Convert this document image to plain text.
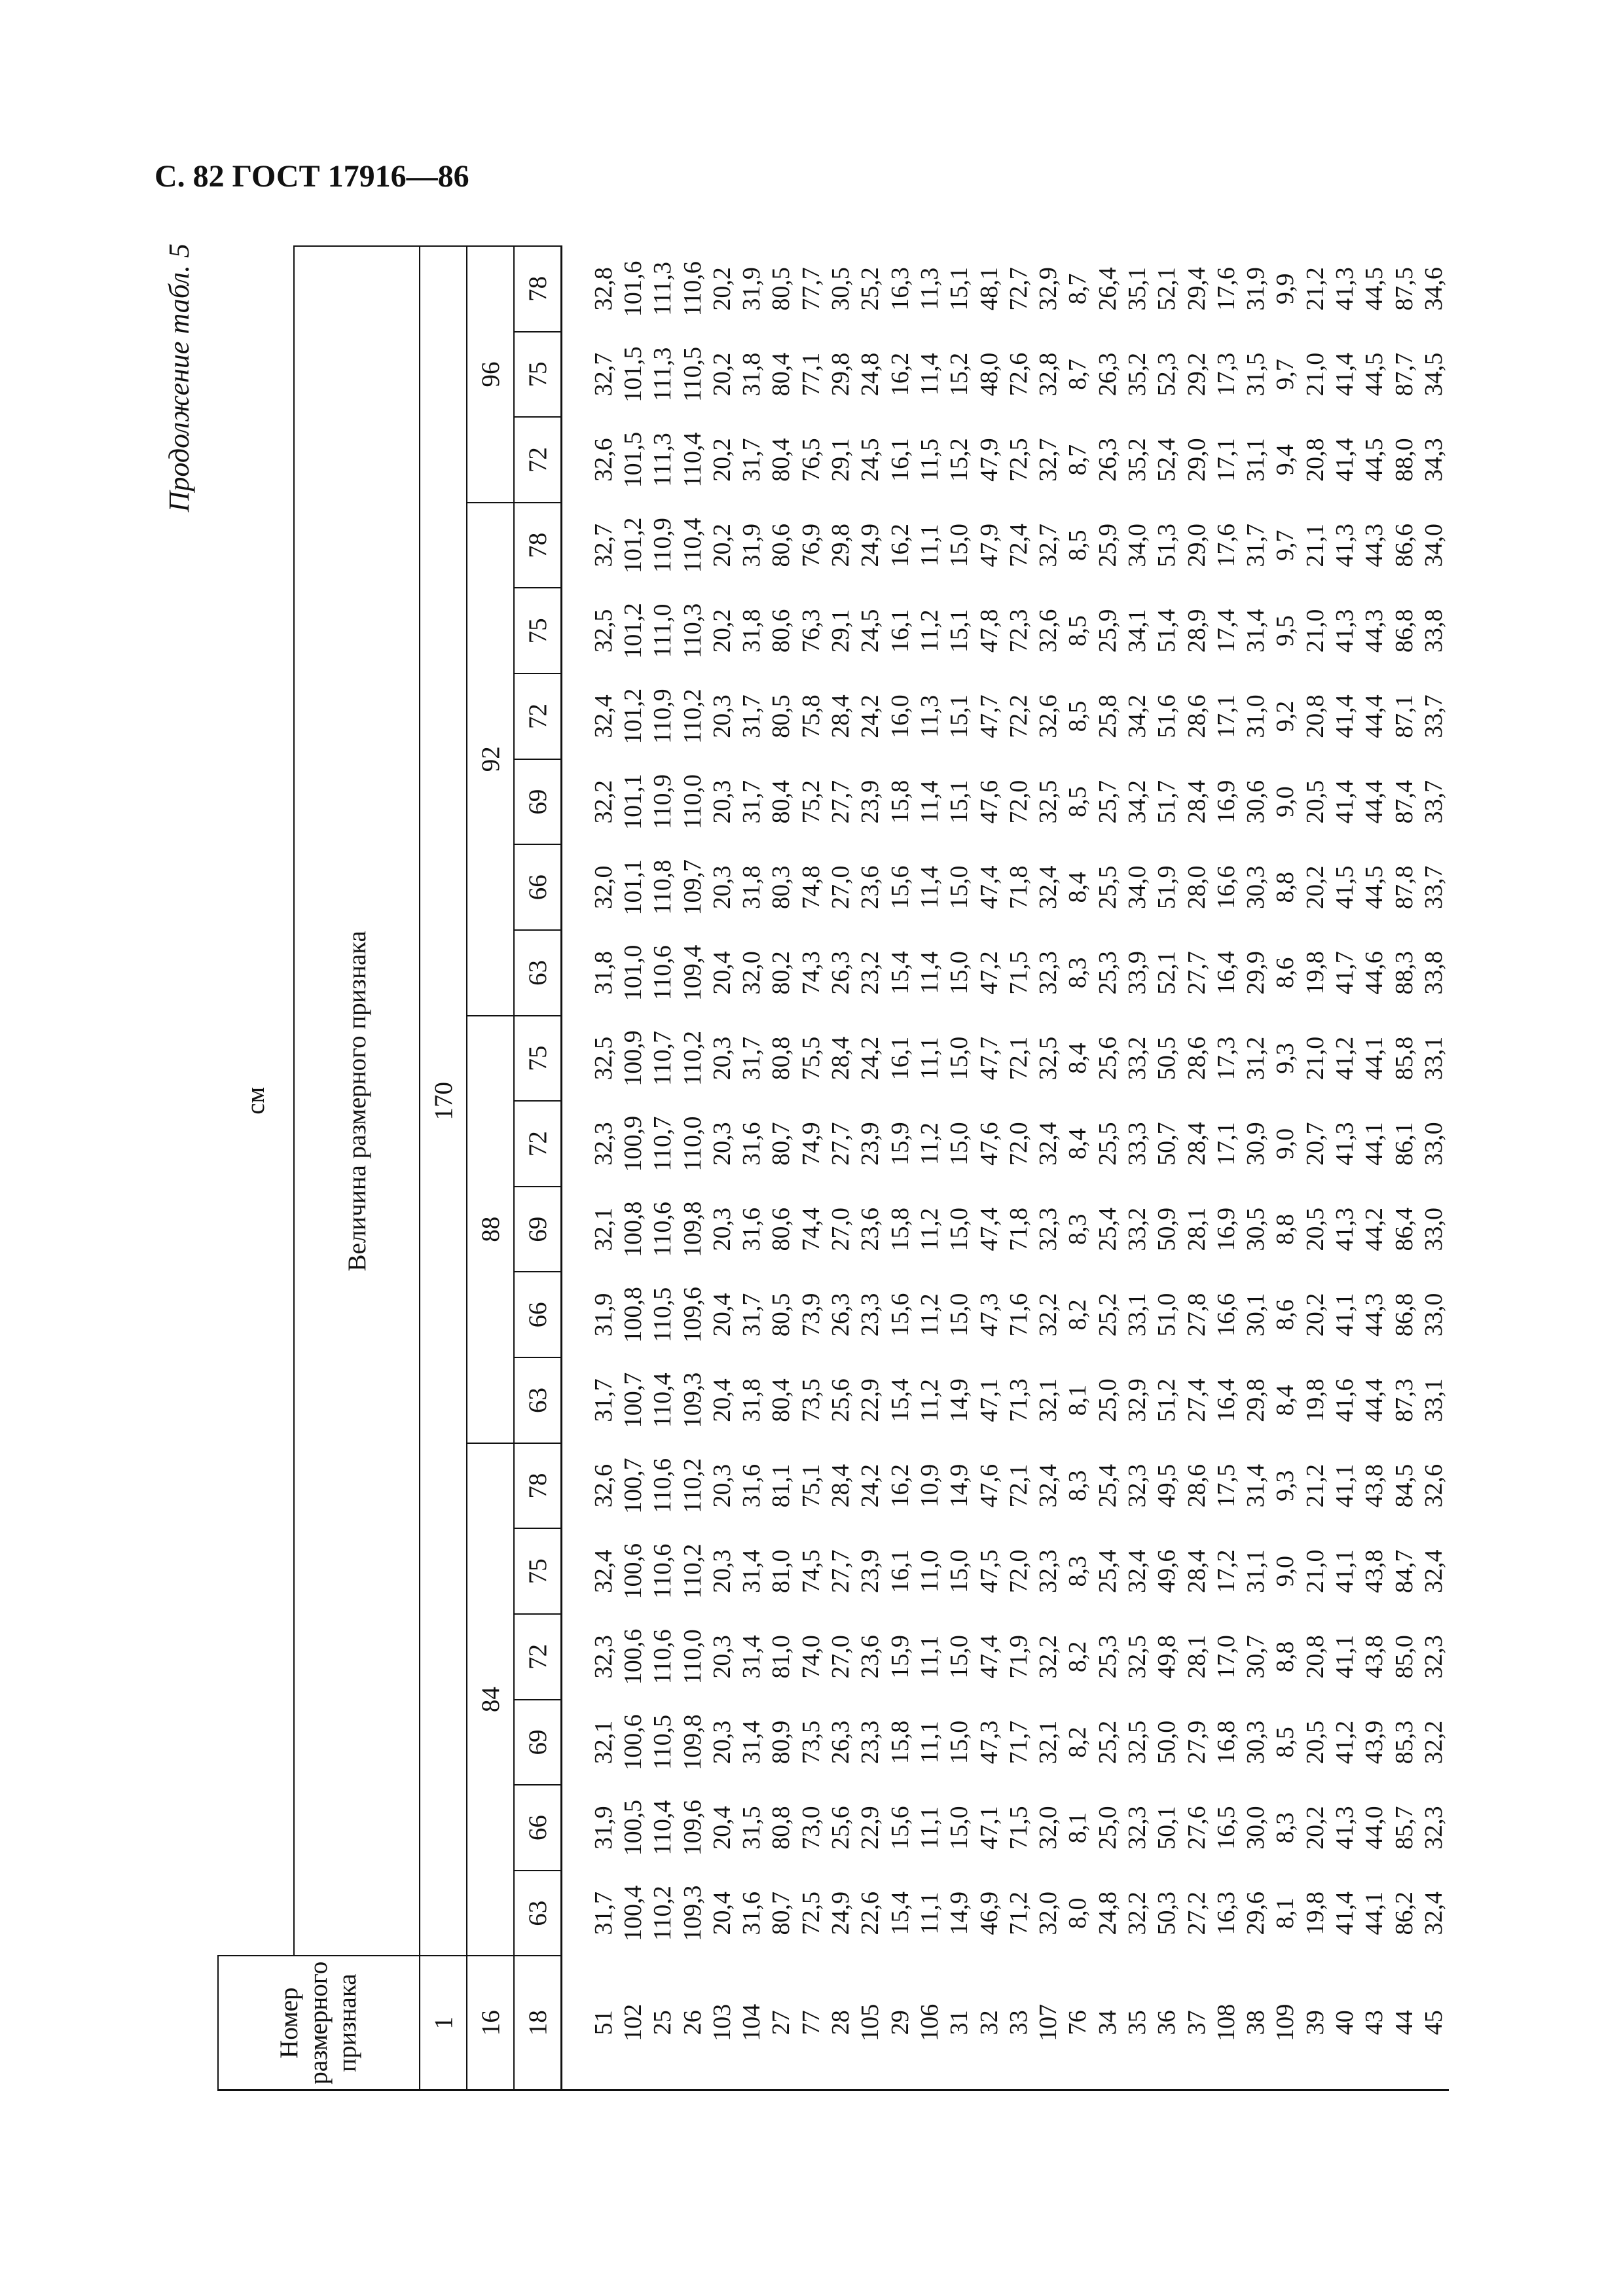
С. 82 ГОСТ 17916—86
Продолжение табл. 5
Номер размерного признака	см																			
	Величина размерного признака																			
1	170																			
16	84						88					92						96		
18	63	66	69	72	75	78	63	66	69	72	75	63	66	69	72	75	78	72	75	78
51	31,7	31,9	32,1	32,3	32,4	32,6	31,7	31,9	32,1	32,3	32,5	31,8	32,0	32,2	32,4	32,5	32,7	32,6	32,7	32,8
102	100,4	100,5	100,6	100,6	100,6	100,7	100,7	100,8	100,8	100,9	100,9	101,0	101,1	101,1	101,2	101,2	101,2	101,5	101,5	101,6
25	110,2	110,4	110,5	110,6	110,6	110,6	110,4	110,5	110,6	110,7	110,7	110,6	110,8	110,9	110,9	111,0	110,9	111,3	111,3	111,3
26	109,3	109,6	109,8	110,0	110,2	110,2	109,3	109,6	109,8	110,0	110,2	109,4	109,7	110,0	110,2	110,3	110,4	110,4	110,5	110,6
103	20,4	20,4	20,3	20,3	20,3	20,3	20,4	20,4	20,3	20,3	20,3	20,4	20,3	20,3	20,3	20,2	20,2	20,2	20,2	20,2
104	31,6	31,5	31,4	31,4	31,4	31,6	31,8	31,7	31,6	31,6	31,7	32,0	31,8	31,7	31,7	31,8	31,9	31,7	31,8	31,9
27	80,7	80,8	80,9	81,0	81,0	81,1	80,4	80,5	80,6	80,7	80,8	80,2	80,3	80,4	80,5	80,6	80,6	80,4	80,4	80,5
77	72,5	73,0	73,5	74,0	74,5	75,1	73,5	73,9	74,4	74,9	75,5	74,3	74,8	75,2	75,8	76,3	76,9	76,5	77,1	77,7
28	24,9	25,6	26,3	27,0	27,7	28,4	25,6	26,3	27,0	27,7	28,4	26,3	27,0	27,7	28,4	29,1	29,8	29,1	29,8	30,5
105	22,6	22,9	23,3	23,6	23,9	24,2	22,9	23,3	23,6	23,9	24,2	23,2	23,6	23,9	24,2	24,5	24,9	24,5	24,8	25,2
29	15,4	15,6	15,8	15,9	16,1	16,2	15,4	15,6	15,8	15,9	16,1	15,4	15,6	15,8	16,0	16,1	16,2	16,1	16,2	16,3
106	11,1	11,1	11,1	11,1	11,0	10,9	11,2	11,2	11,2	11,2	11,1	11,4	11,4	11,4	11,3	11,2	11,1	11,5	11,4	11,3
31	14,9	15,0	15,0	15,0	15,0	14,9	14,9	15,0	15,0	15,0	15,0	15,0	15,0	15,1	15,1	15,1	15,0	15,2	15,2	15,1
32	46,9	47,1	47,3	47,4	47,5	47,6	47,1	47,3	47,4	47,6	47,7	47,2	47,4	47,6	47,7	47,8	47,9	47,9	48,0	48,1
33	71,2	71,5	71,7	71,9	72,0	72,1	71,3	71,6	71,8	72,0	72,1	71,5	71,8	72,0	72,2	72,3	72,4	72,5	72,6	72,7
107	32,0	32,0	32,1	32,2	32,3	32,4	32,1	32,2	32,3	32,4	32,5	32,3	32,4	32,5	32,6	32,6	32,7	32,7	32,8	32,9
76	8,0	8,1	8,2	8,2	8,3	8,3	8,1	8,2	8,3	8,4	8,4	8,3	8,4	8,5	8,5	8,5	8,5	8,7	8,7	8,7
34	24,8	25,0	25,2	25,3	25,4	25,4	25,0	25,2	25,4	25,5	25,6	25,3	25,5	25,7	25,8	25,9	25,9	26,3	26,3	26,4
35	32,2	32,3	32,5	32,5	32,4	32,3	32,9	33,1	33,2	33,3	33,2	33,9	34,0	34,2	34,2	34,1	34,0	35,2	35,2	35,1
36	50,3	50,1	50,0	49,8	49,6	49,5	51,2	51,0	50,9	50,7	50,5	52,1	51,9	51,7	51,6	51,4	51,3	52,4	52,3	52,1
37	27,2	27,6	27,9	28,1	28,4	28,6	27,4	27,8	28,1	28,4	28,6	27,7	28,0	28,4	28,6	28,9	29,0	29,0	29,2	29,4
108	16,3	16,5	16,8	17,0	17,2	17,5	16,4	16,6	16,9	17,1	17,3	16,4	16,6	16,9	17,1	17,4	17,6	17,1	17,3	17,6
38	29,6	30,0	30,3	30,7	31,1	31,4	29,8	30,1	30,5	30,9	31,2	29,9	30,3	30,6	31,0	31,4	31,7	31,1	31,5	31,9
109	8,1	8,3	8,5	8,8	9,0	9,3	8,4	8,6	8,8	9,0	9,3	8,6	8,8	9,0	9,2	9,5	9,7	9,4	9,7	9,9
39	19,8	20,2	20,5	20,8	21,0	21,2	19,8	20,2	20,5	20,7	21,0	19,8	20,2	20,5	20,8	21,0	21,1	20,8	21,0	21,2
40	41,4	41,3	41,2	41,1	41,1	41,1	41,6	41,1	41,3	41,3	41,2	41,7	41,5	41,4	41,4	41,3	41,3	41,4	41,4	41,3
43	44,1	44,0	43,9	43,8	43,8	43,8	44,4	44,3	44,2	44,1	44,1	44,6	44,5	44,4	44,4	44,3	44,3	44,5	44,5	44,5
44	86,2	85,7	85,3	85,0	84,7	84,5	87,3	86,8	86,4	86,1	85,8	88,3	87,8	87,4	87,1	86,8	86,6	88,0	87,7	87,5
45	32,4	32,3	32,2	32,3	32,4	32,6	33,1	33,0	33,0	33,0	33,1	33,8	33,7	33,7	33,7	33,8	34,0	34,3	34,5	34,6
